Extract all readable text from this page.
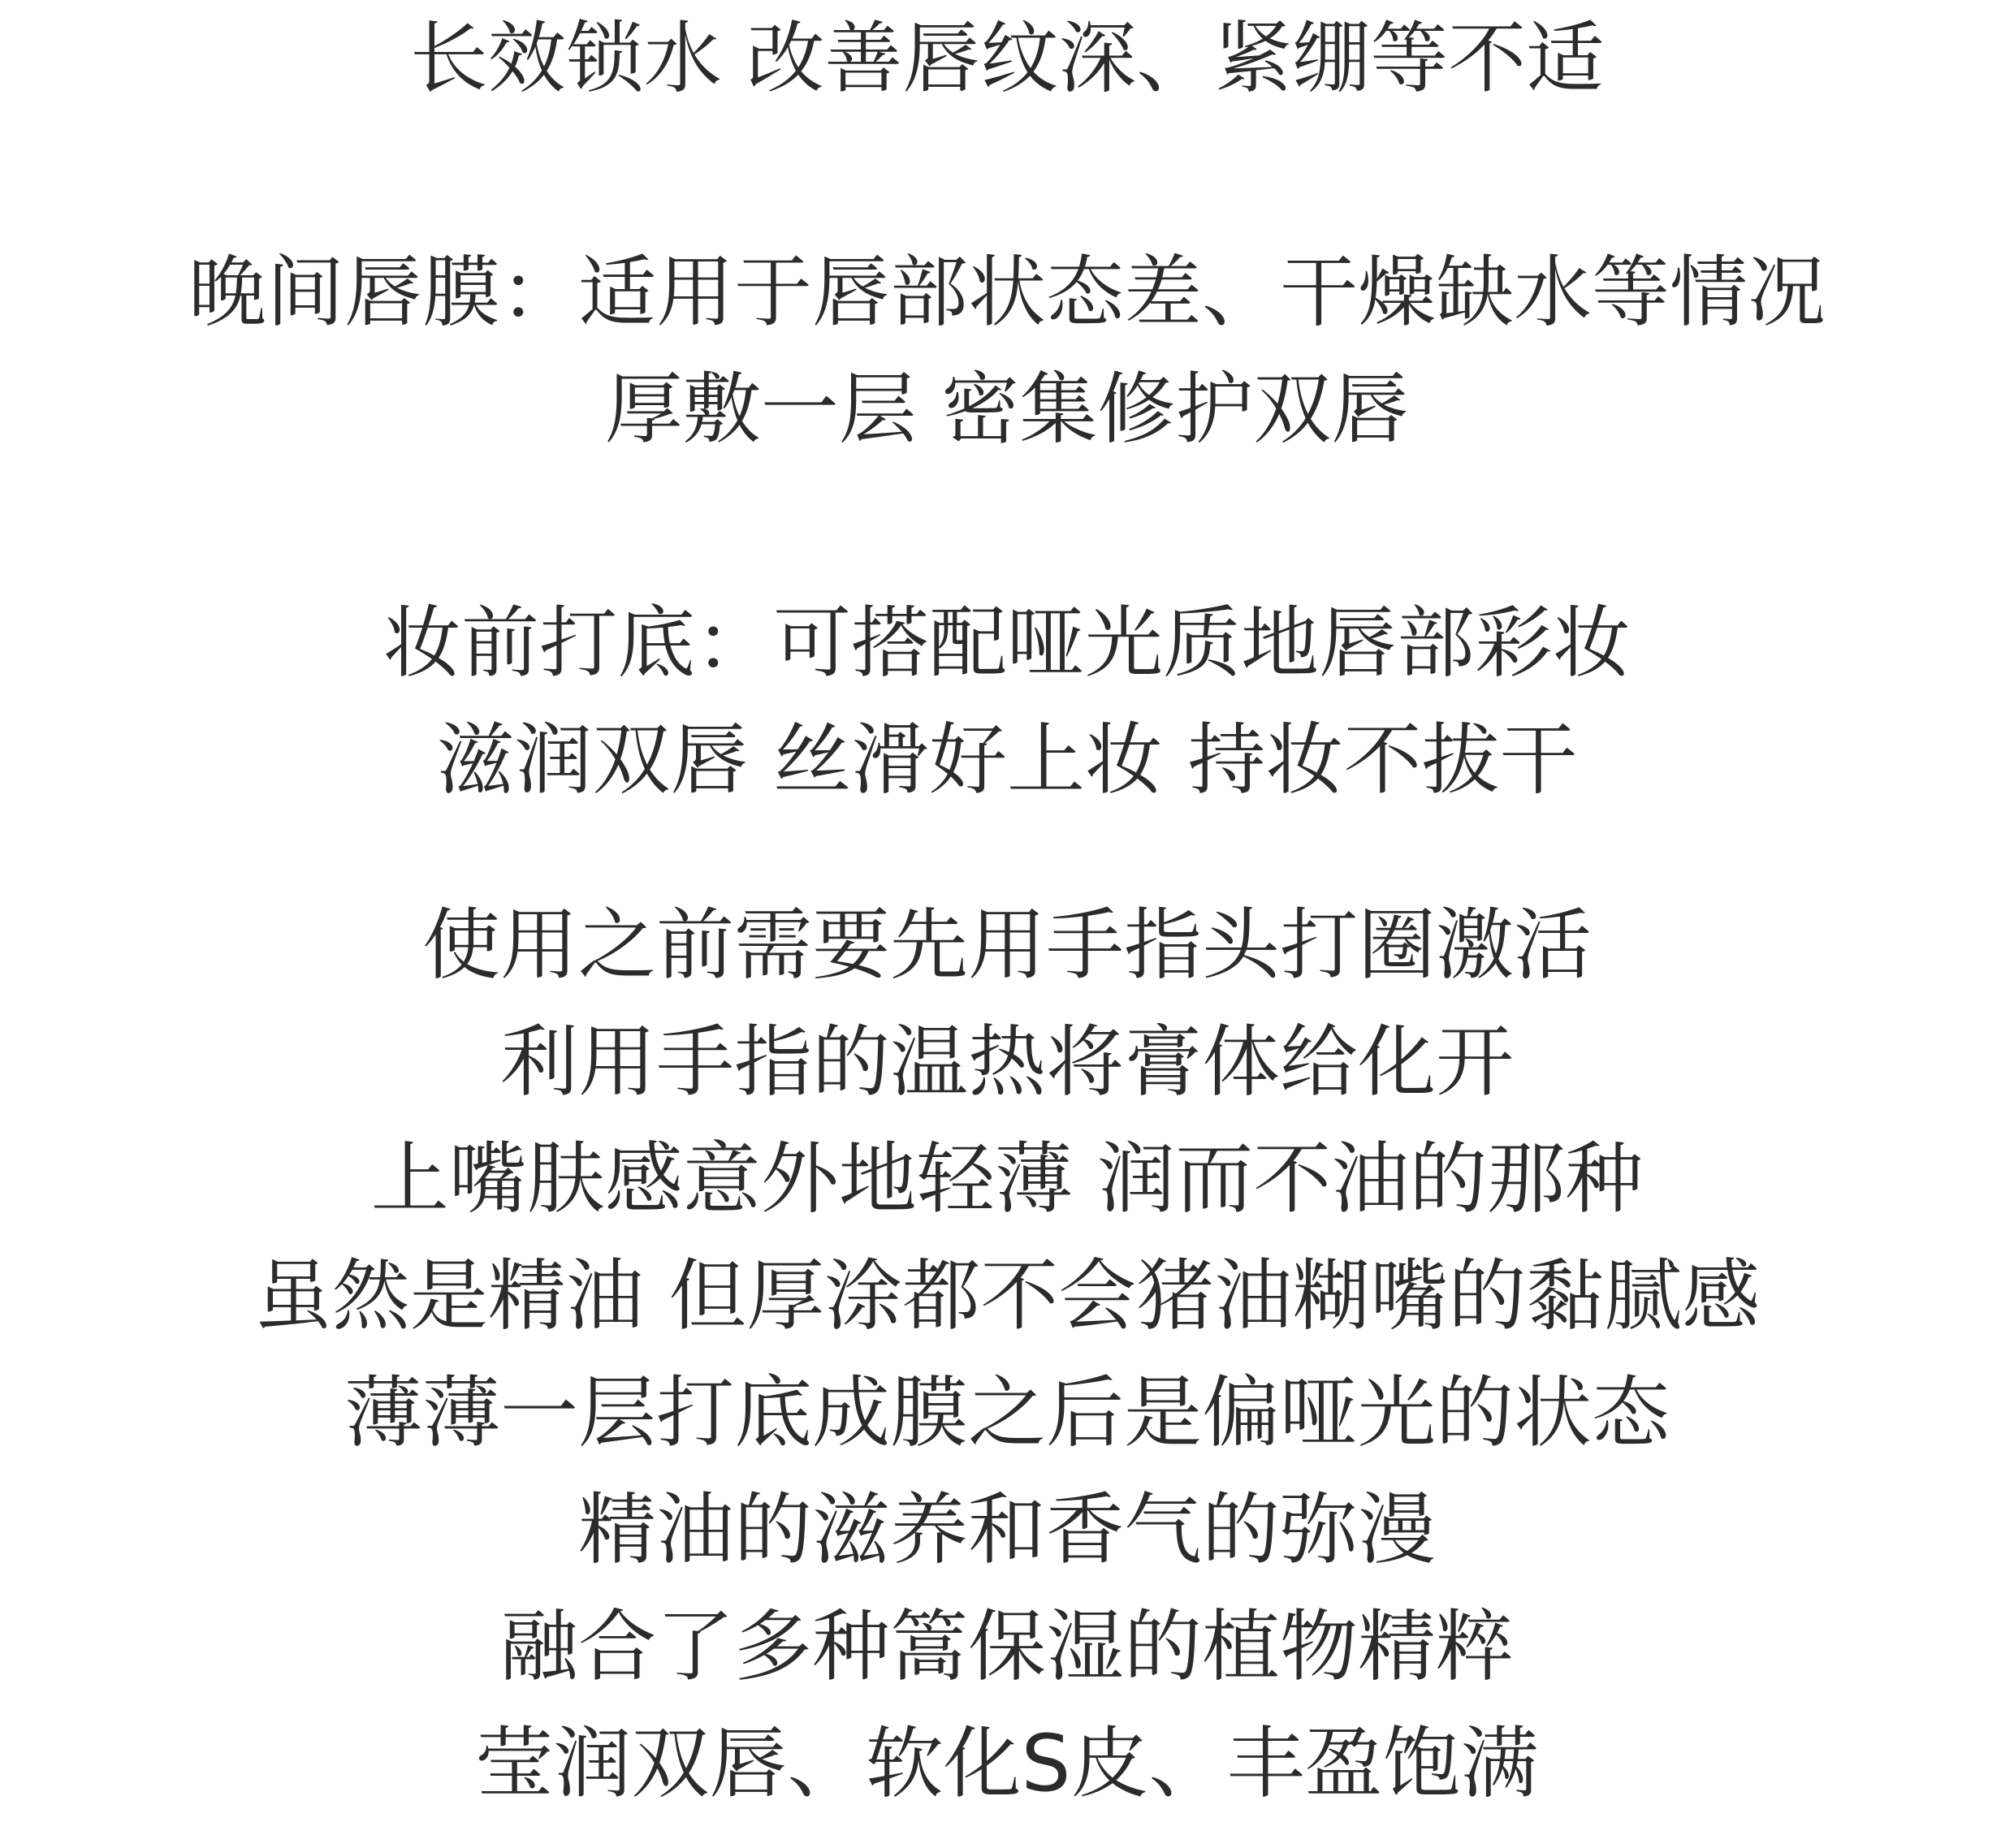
长效锁水 改善唇纹深、紧绷等不适
晚间唇膜：适用于唇部状态差、干燥缺水等情况
厚敷一层 密集修护双唇
妆前打底：可搭配哑光质地唇部彩妆
滋润双唇 丝滑好上妆 持妆不拔干
使用之前需要先用手指头打圈激活
利用手指的温热将膏体给化开
上嘴肤感意外地轻薄 润而不油的那种
虽然是精油 但厚涂都不会猪油糊嘴的黏腻感
薄薄一层打底成膜之后是偏哑光的状态
精油的滋养和香气的弥漫
融合了多种篙保湿的植物精粹
莹润双唇、软化S皮、丰盈饱满
